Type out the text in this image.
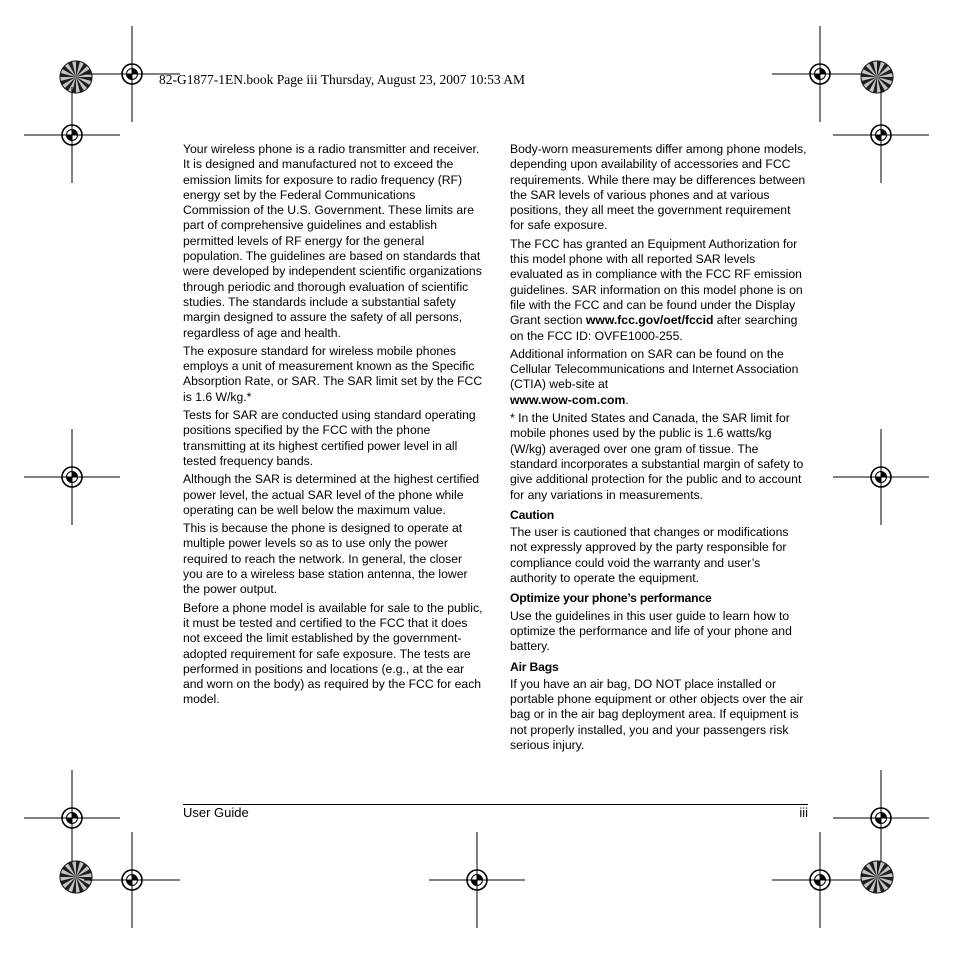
82-G1877-1EN.book Page iii Thursday, August 23, 2007 10:53 AM

Your wireless phone is a radio transmitter and receiver. It is designed and manufactured not to exceed the emission limits for exposure to radio frequency (RF) energy set by the Federal Communications Commission of the U.S. Government. These limits are part of comprehensive guidelines and establish permitted levels of RF energy for the general population. The guidelines are based on standards that were developed by independent scientific organizations through periodic and thorough evaluation of scientific studies. The standards include a substantial safety margin designed to assure the safety of all persons, regardless of age and health.

The exposure standard for wireless mobile phones employs a unit of measurement known as the Specific Absorption Rate, or SAR. The SAR limit set by the FCC is 1.6 W/kg.*

Tests for SAR are conducted using standard operating positions specified by the FCC with the phone transmitting at its highest certified power level in all tested frequency bands.

Although the SAR is determined at the highest certified power level, the actual SAR level of the phone while operating can be well below the maximum value.

This is because the phone is designed to operate at multiple power levels so as to use only the power required to reach the network. In general, the closer you are to a wireless base station antenna, the lower the power output.

Before a phone model is available for sale to the public, it must be tested and certified to the FCC that it does not exceed the limit established by the government-adopted requirement for safe exposure. The tests are performed in positions and locations (e.g., at the ear and worn on the body) as required by the FCC for each model.

Body-worn measurements differ among phone models, depending upon availability of accessories and FCC requirements. While there may be differences between the SAR levels of various phones and at various positions, they all meet the government requirement for safe exposure.

The FCC has granted an Equipment Authorization for this model phone with all reported SAR levels evaluated as in compliance with the FCC RF emission guidelines. SAR information on this model phone is on file with the FCC and can be found under the Display Grant section www.fcc.gov/oet/fccid after searching on the FCC ID: OVFE1000-255.

Additional information on SAR can be found on the Cellular Telecommunications and Internet Association (CTIA) web-site at
www.wow-com.com.

* In the United States and Canada, the SAR limit for mobile phones used by the public is 1.6 watts/kg (W/kg) averaged over one gram of tissue. The standard incorporates a substantial margin of safety to give additional protection for the public and to account for any variations in measurements.

Caution

The user is cautioned that changes or modifications not expressly approved by the party responsible for compliance could void the warranty and user’s authority to operate the equipment.

Optimize your phone’s performance

Use the guidelines in this user guide to learn how to optimize the performance and life of your phone and battery.

Air Bags

If you have an air bag, DO NOT place installed or portable phone equipment or other objects over the air bag or in the air bag deployment area. If equipment is not properly installed, you and your passengers risk serious injury.

User Guide	iii
